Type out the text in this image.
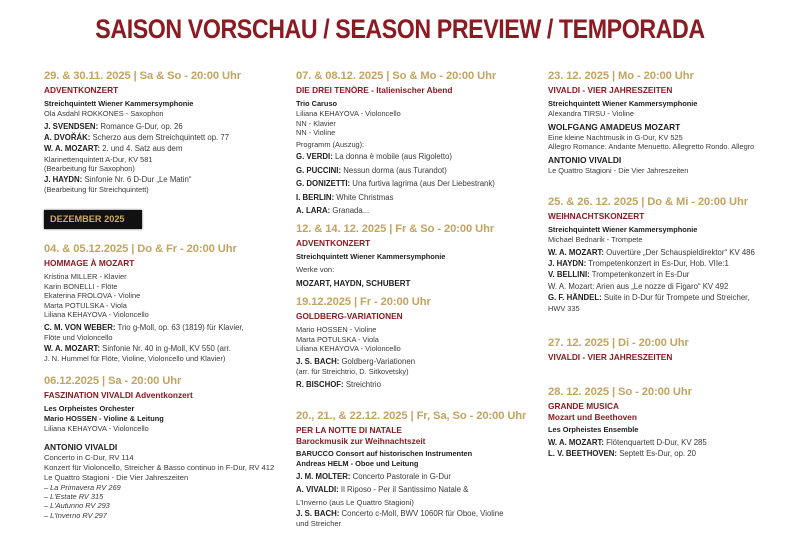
SAISON VORSCHAU / SEASON PREVIEW / TEMPORADA
29. & 30.11. 2025 | Sa & So - 20:00 Uhr
ADVENTKONZERT
Streichquintett Wiener Kammersymphonie
Ola Asdahl ROKKONES - Saxophon
J. SVENDSEN: Romance G-Dur, op. 26
A. DVOŘÁK: Scherzo aus dem Streichquintett op. 77
W. A. MOZART: 2. und 4. Satz aus dem
Klarinettenquintett A-Dur, KV 581
(Bearbeitung für Saxophon)
J. HAYDN: Sinfonie Nr. 6 D-Dur „Le Matin“
(Bearbeitung für Streichquintett)
DEZEMBER 2025
04. & 05.12.2025 | Do & Fr - 20:00 Uhr
HOMMAGE À MOZART
Kristina MILLER - Klavier
Karin BONELLI - Flöte
Ekaterina FROLOVA - Violine
Marta POTULSKA - Viola
Liliana KEHAYOVA - Violoncello
C. M. VON WEBER: Trio g-Moll, op. 63 (1819) für Klavier,
Flöte und Violoncello
W. A. MOZART: Sinfonie Nr. 40 in g-Moll, KV 550 (arr.
J. N. Hummel für Flöte, Violine, Violoncello und Klavier)
06.12.2025 | Sa - 20:00 Uhr
FASZINATION VIVALDI Adventkonzert
Les Orpheistes Orchester
Mario HOSSEN - Violine & Leitung
Liliana KEHAYOVA - Violoncello
ANTONIO VIVALDI
Concerto in C-Dur, RV 114
Konzert für Violoncello, Streicher & Basso continuo in F-Dur, RV 412
Le Quattro Stagioni - Die Vier Jahreszeiten
– La Primavera RV 269
– L'Estate RV 315
– L'Autunno RV 293
– L'Inverno RV 297
07. & 08.12. 2025 | So & Mo - 20:00 Uhr
DIE DREI TENÖRE - Italienischer Abend
Trio Caruso
Liliana KEHAYOVA - Violoncello
NN - Klavier
NN - Violine
Programm (Auszug):
G. VERDI: La donna è mobile (aus Rigoletto)
G. PUCCINI: Nessun dorma (aus Turandot)
G. DONIZETTI: Una furtiva lagrima (aus Der Liebestrank)
I. BERLIN: White Christmas
A. LARA: Granada...
12. & 14. 12. 2025 | Fr & So - 20:00 Uhr
ADVENTKONZERT
Streichquintett Wiener Kammersymphonie
Werke von:
MOZART, HAYDN, SCHUBERT
19.12.2025 | Fr - 20:00 Uhr
GOLDBERG-VARIATIONEN
Mario HOSSEN - Violine
Marta POTULSKA - Viola
Liliana KEHAYOVA - Violoncello
J. S. BACH: Goldberg-Variationen
(arr. für Streichtrio, D. Sitkovetsky)
R. BISCHOF: Streichtrio
20., 21., & 22.12. 2025 | Fr, Sa, So - 20:00 Uhr
PER LA NOTTE DI NATALE
Barockmusik zur Weihnachtszeit
BARUCCO Consort auf historischen Instrumenten
Andreas HELM - Oboe und Leitung
J. M. MOLTER: Concerto Pastorale in G-Dur
A. VIVALDI: Il Riposo - Per il Santissimo Natale &
L'Inverno (aus Le Quattro Stagioni)
J. S. BACH: Concerto c-Moll, BWV 1060R für Oboe, Violine
und Streicher
23. 12. 2025 | Mo - 20:00 Uhr
VIVALDI - VIER JAHRESZEITEN
Streichquintett Wiener Kammersymphonie
Alexandra TIRSU - Violine
WOLFGANG AMADEUS MOZART
Eine kleine Nachtmusik in G-Dur, KV 525
Allegro Romance. Andante Menuetto. Allegretto Rondo. Allegro
ANTONIO VIVALDI
Le Quattro Stagioni - Die Vier Jahreszeiten
25. & 26. 12. 2025 | Do & Mi - 20:00 Uhr
WEIHNACHTSKONZERT
Streichquintett Wiener Kammersymphonie
Michael Bednarik - Trompete
W. A. MOZART: Ouvertüre „Der Schauspieldirektor“ KV 486
J. HAYDN: Trompetenkonzert in Es-Dur, Hob. VIIe:1
V. BELLINI: Trompetenkonzert in Es-Dur
W. A. Mozart: Arien aus „Le nozze di Figaro“ KV 492
G. F. HÄNDEL: Suite in D-Dur für Trompete und Streicher,
HWV 335
27. 12. 2025 | Di - 20:00 Uhr
VIVALDI - VIER JAHRESZEITEN
28. 12. 2025 | So - 20:00 Uhr
GRANDE MUSICA
Mozart und Beethoven
Les Orpheistes Ensemble
W. A. MOZART: Flötenquartett D-Dur, KV 285
L. V. BEETHOVEN: Septett Es-Dur, op. 20
